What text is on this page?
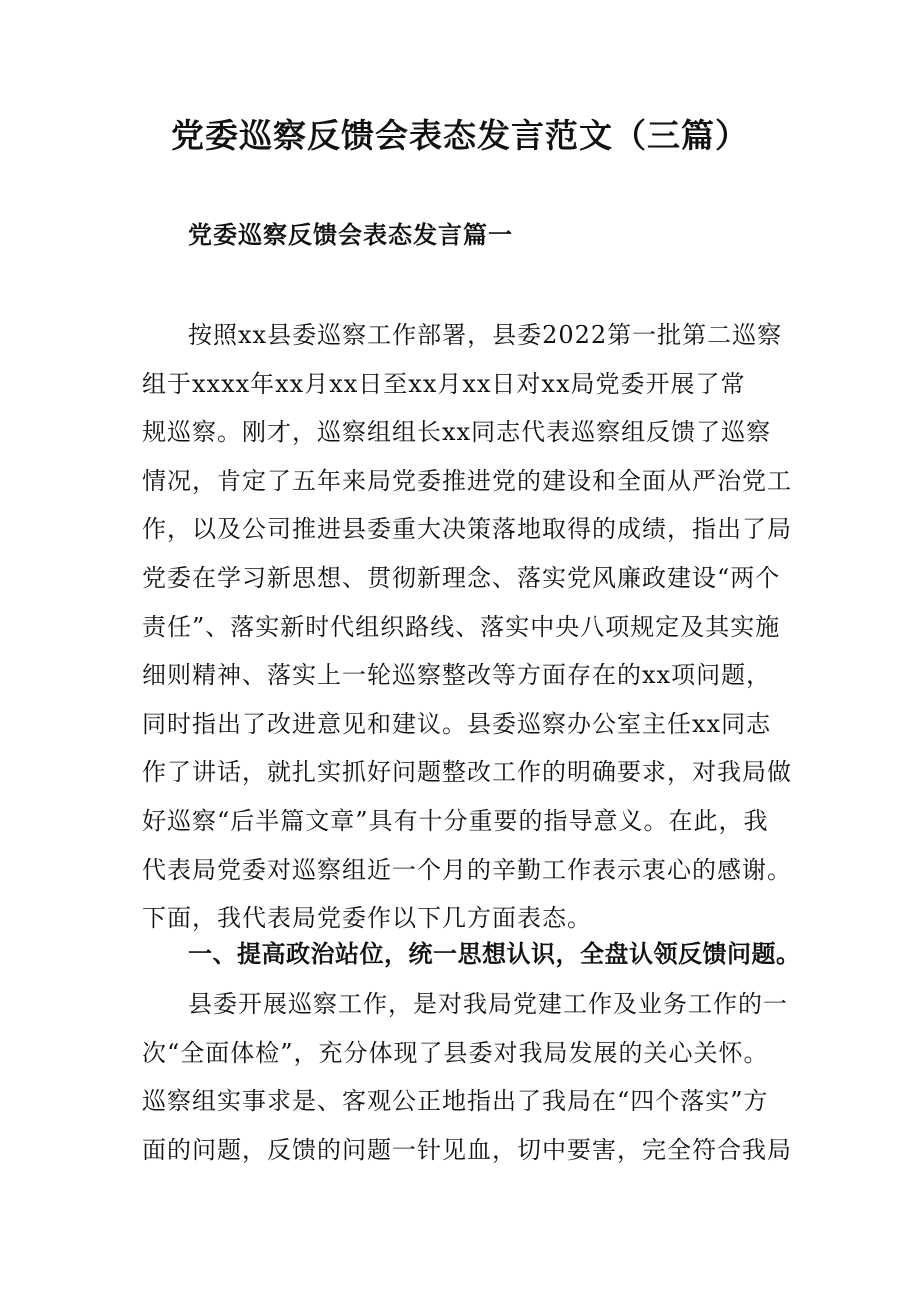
党委巡察反馈会表态发言范文（三篇）
党委巡察反馈会表态发言篇一
按照xx县委巡察工作部署，县委2022第一批第二巡察
组于xxxx年xx月xx日至xx月xx日对xx局党委开展了常
规巡察。刚才，巡察组组长xx同志代表巡察组反馈了巡察
情况，肯定了五年来局党委推进党的建设和全面从严治党工
作，以及公司推进县委重大决策落地取得的成绩，指出了局
党委在学习新思想、贯彻新理念、落实党风廉政建设“两个
责任”、落实新时代组织路线、落实中央八项规定及其实施
细则精神、落实上一轮巡察整改等方面存在的xx项问题，
同时指出了改进意见和建议。县委巡察办公室主任xx同志
作了讲话，就扎实抓好问题整改工作的明确要求，对我局做
好巡察“后半篇文章”具有十分重要的指导意义。在此，我
代表局党委对巡察组近一个月的辛勤工作表示衷心的感谢。
下面，我代表局党委作以下几方面表态。
一、提高政治站位，统一思想认识，全盘认领反馈问题。
县委开展巡察工作，是对我局党建工作及业务工作的一
次“全面体检”，充分体现了县委对我局发展的关心关怀。
巡察组实事求是、客观公正地指出了我局在“四个落实”方
面的问题，反馈的问题一针见血，切中要害，完全符合我局
